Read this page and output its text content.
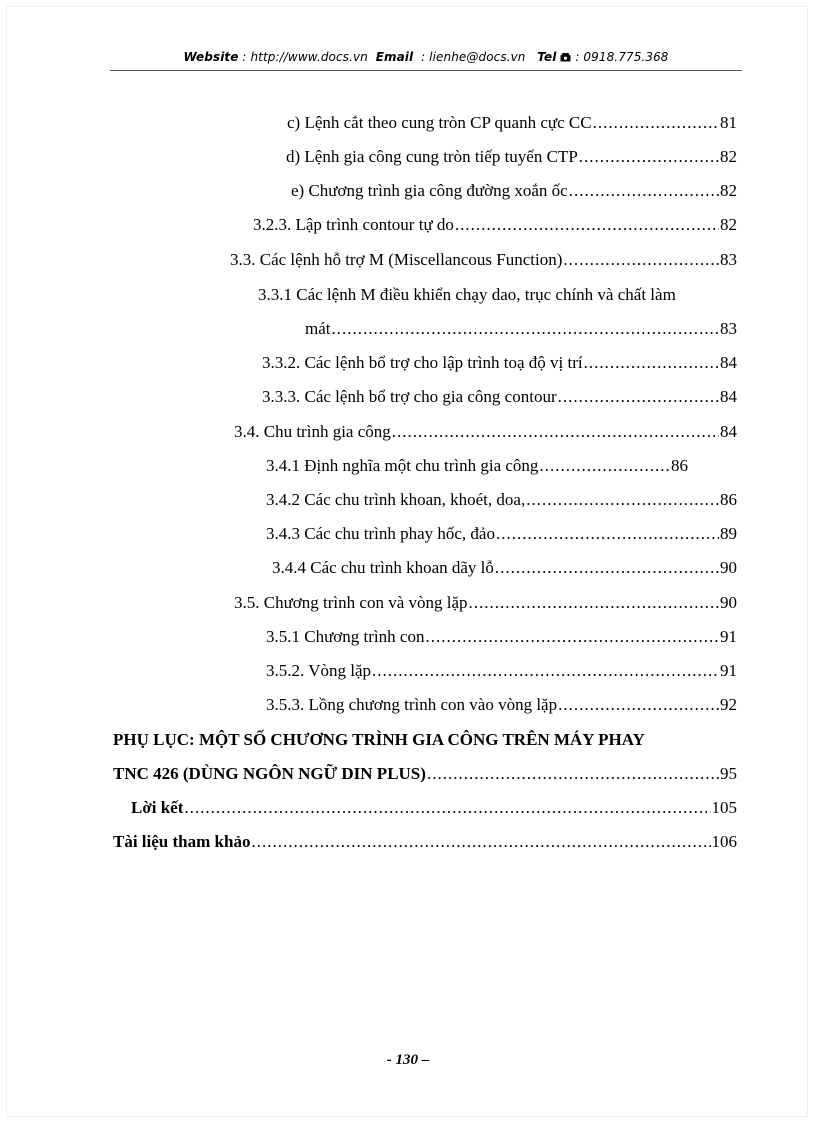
Website : http://www.docs.vn Email : lienhe@docs.vn Tel : 0918.775.368
c) Lệnh cắt theo cung tròn CP quanh cực CC .....	81
d) Lệnh gia công cung tròn tiếp tuyến CTP .....	82
e) Chương trình gia công đường xoắn ốc .....	82
3.2.3. Lập trình contour tự do .....	82
3.3. Các lệnh hỗ trợ M (Miscellancous Function) .....	83
3.3.1 Các lệnh M điều khiển chạy dao, trục chính và chất làm
mát .....	83
3.3.2. Các lệnh bổ trợ cho lập trình toạ độ vị trí .....	84
3.3.3. Các lệnh bổ trợ cho gia công contour .....	84
3.4. Chu trình gia công .....	84
3.4.1 Định nghĩa một chu trình gia công .....	86
3.4.2 Các chu trình khoan, khoét, doa, .....	86
3.4.3 Các chu trình phay hốc, đảo .....	89
3.4.4 Các chu trình khoan dãy lỗ .....	90
3.5. Chương trình con và vòng lặp .....	90
3.5.1 Chương trình con .....	91
3.5.2. Vòng lặp .....	91
3.5.3. Lồng chương trình con vào vòng lặp .....	92
PHỤ LỤC: MỘT SỐ CHƯƠNG TRÌNH GIA CÔNG TRÊN MÁY PHAY
TNC 426 (DÙNG NGÔN NGỮ DIN PLUS) .....	95
Lời kết .....	105
Tài liệu tham khảo .....	106
- 130 –
